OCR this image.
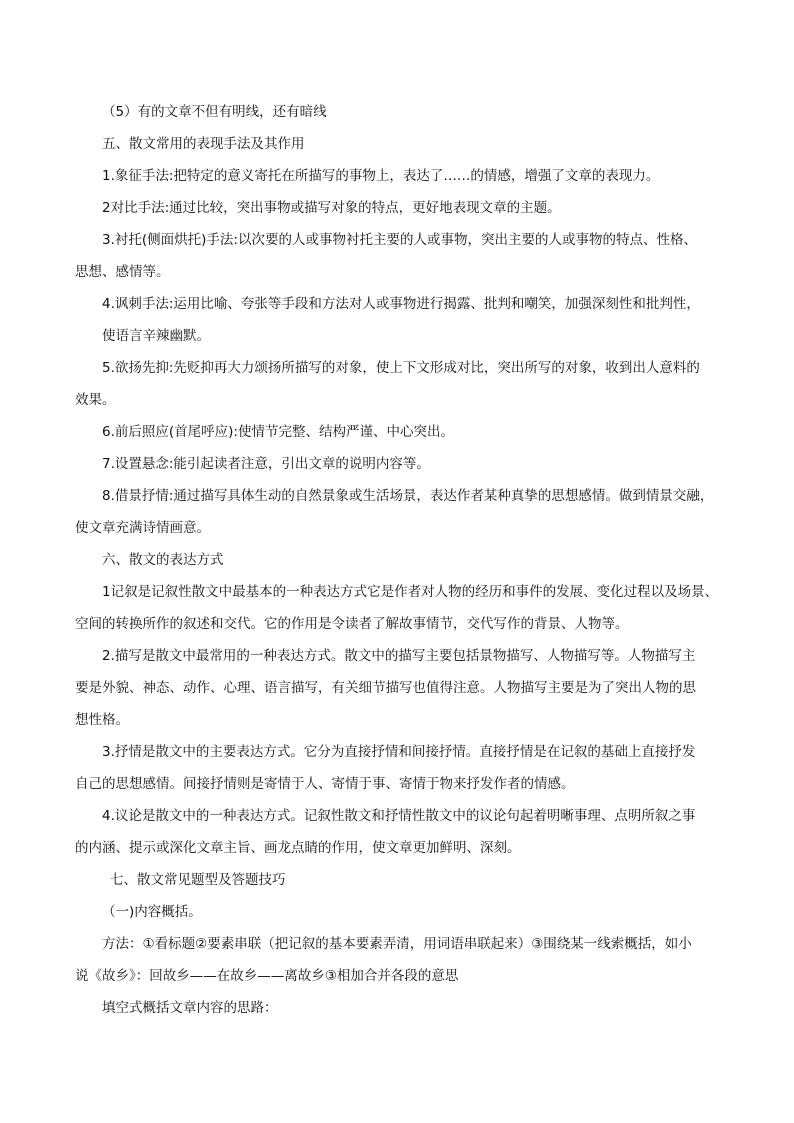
（5）有的文章不但有明线，还有暗线

五、散文常用的表现手法及其作用

1.象征手法:把特定的意义寄托在所描写的事物上，表达了……的情感，增强了文章的表现力。

2对比手法:通过比较，突出事物或描写对象的特点，更好地表现文章的主题。

3.衬托(侧面烘托)手法:以次要的人或事物衬托主要的人或事物，突出主要的人或事物的特点、性格、

思想、感情等。

4.讽刺手法:运用比喻、夸张等手段和方法对人或事物进行揭露、批判和嘲笑，加强深刻性和批判性，

使语言辛辣幽默。

5.欲扬先抑:先贬抑再大力颂扬所描写的对象，使上下文形成对比，突出所写的对象，收到出人意料的

效果。

6.前后照应(首尾呼应):使情节完整、结构严谨、中心突出。

7.设置悬念:能引起读者注意，引出文章的说明内容等。

8.借景抒情:通过描写具体生动的自然景象或生活场景，表达作者某种真挚的思想感情。做到情景交融，

使文章充满诗情画意。

六、散文的表达方式

1记叙是记叙性散文中最基本的一种表达方式它是作者对人物的经历和事件的发展、变化过程以及场景、

空间的转换所作的叙述和交代。它的作用是令读者了解故事情节，交代写作的背景、人物等。

2.描写是散文中最常用的一种表达方式。散文中的描写主要包括景物描写、人物描写等。人物描写主

要是外貌、神态、动作、心理、语言描写，有关细节描写也值得注意。人物描写主要是为了突出人物的思

想性格。

3.抒情是散文中的主要表达方式。它分为直接抒情和间接抒情。直接抒情是在记叙的基础上直接抒发

自己的思想感情。间接抒情则是寄情于人、寄情于事、寄情于物来抒发作者的情感。

4.议论是散文中的一种表达方式。记叙性散文和抒情性散文中的议论句起着明晰事理、点明所叙之事

的内涵、提示或深化文章主旨、画龙点睛的作用，使文章更加鲜明、深刻。

七、散文常见题型及答题技巧

（一)内容概括。

方法：①看标题②要素串联（把记叙的基本要素弄清，用词语串联起来）③围绕某一线索概括，如小

说《故乡》：回故乡——在故乡——离故乡③相加合并各段的意思

填空式概括文章内容的思路：
